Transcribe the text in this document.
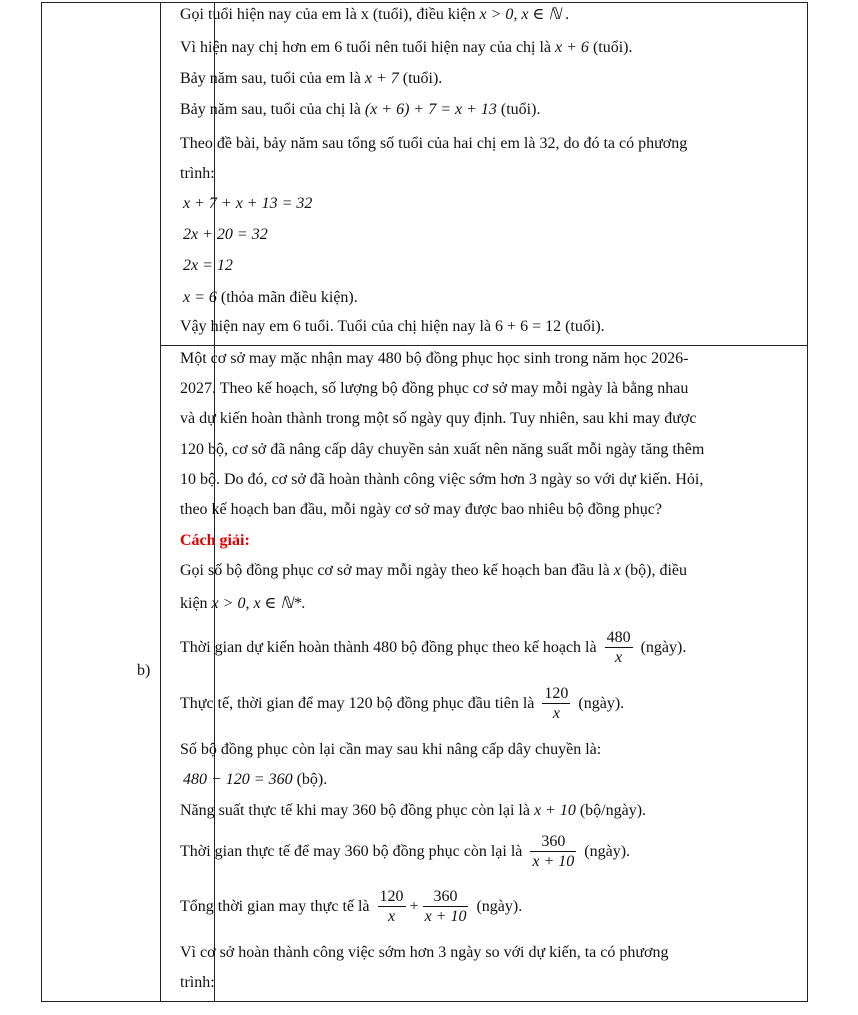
Gọi tuổi hiện nay của em là x (tuổi), điều kiện x > 0, x ∈ ℕ .
Vì hiện nay chị hơn em 6 tuổi nên tuổi hiện nay của chị là x + 6 (tuổi).
Bảy năm sau, tuổi của em là x + 7 (tuổi).
Bảy năm sau, tuổi của chị là (x + 6) + 7 = x + 13 (tuổi).
Theo đề bài, bảy năm sau tổng số tuổi của hai chị em là 32, do đó ta có phương
trình:
x + 7 + x + 13 = 32
2x + 20 = 32
2x = 12
x = 6 (thỏa mãn điều kiện).
Vậy hiện nay em 6 tuổi. Tuổi của chị hiện nay là 6 + 6 = 12 (tuổi).
b)
Một cơ sở may mặc nhận may 480 bộ đồng phục học sinh trong năm học 2026-
2027. Theo kế hoạch, số lượng bộ đồng phục cơ sở may mỗi ngày là bằng nhau
và dự kiến hoàn thành trong một số ngày quy định. Tuy nhiên, sau khi may được
120 bộ, cơ sở đã nâng cấp dây chuyền sản xuất nên năng suất mỗi ngày tăng thêm
10 bộ. Do đó, cơ sở đã hoàn thành công việc sớm hơn 3 ngày so với dự kiến. Hỏi,
theo kế hoạch ban đầu, mỗi ngày cơ sở may được bao nhiêu bộ đồng phục?
Cách giải:
Gọi số bộ đồng phục cơ sở may mỗi ngày theo kế hoạch ban đầu là x (bộ), điều
kiện x > 0, x ∈ ℕ*.
Thời gian dự kiến hoàn thành 480 bộ đồng phục theo kế hoạch là $\frac{480}{x}$ (ngày).
Thực tế, thời gian để may 120 bộ đồng phục đầu tiên là $\frac{120}{x}$ (ngày).
Số bộ đồng phục còn lại cần may sau khi nâng cấp dây chuyền là:
480 − 120 = 360 (bộ).
Năng suất thực tế khi may 360 bộ đồng phục còn lại là x + 10 (bộ/ngày).
Thời gian thực tế để may 360 bộ đồng phục còn lại là $\frac{360}{x + 10}$ (ngày).
Tổng thời gian may thực tế là $\frac{120}{x} + \frac{360}{x + 10}$ (ngày).
Vì cơ sở hoàn thành công việc sớm hơn 3 ngày so với dự kiến, ta có phương
trình:
